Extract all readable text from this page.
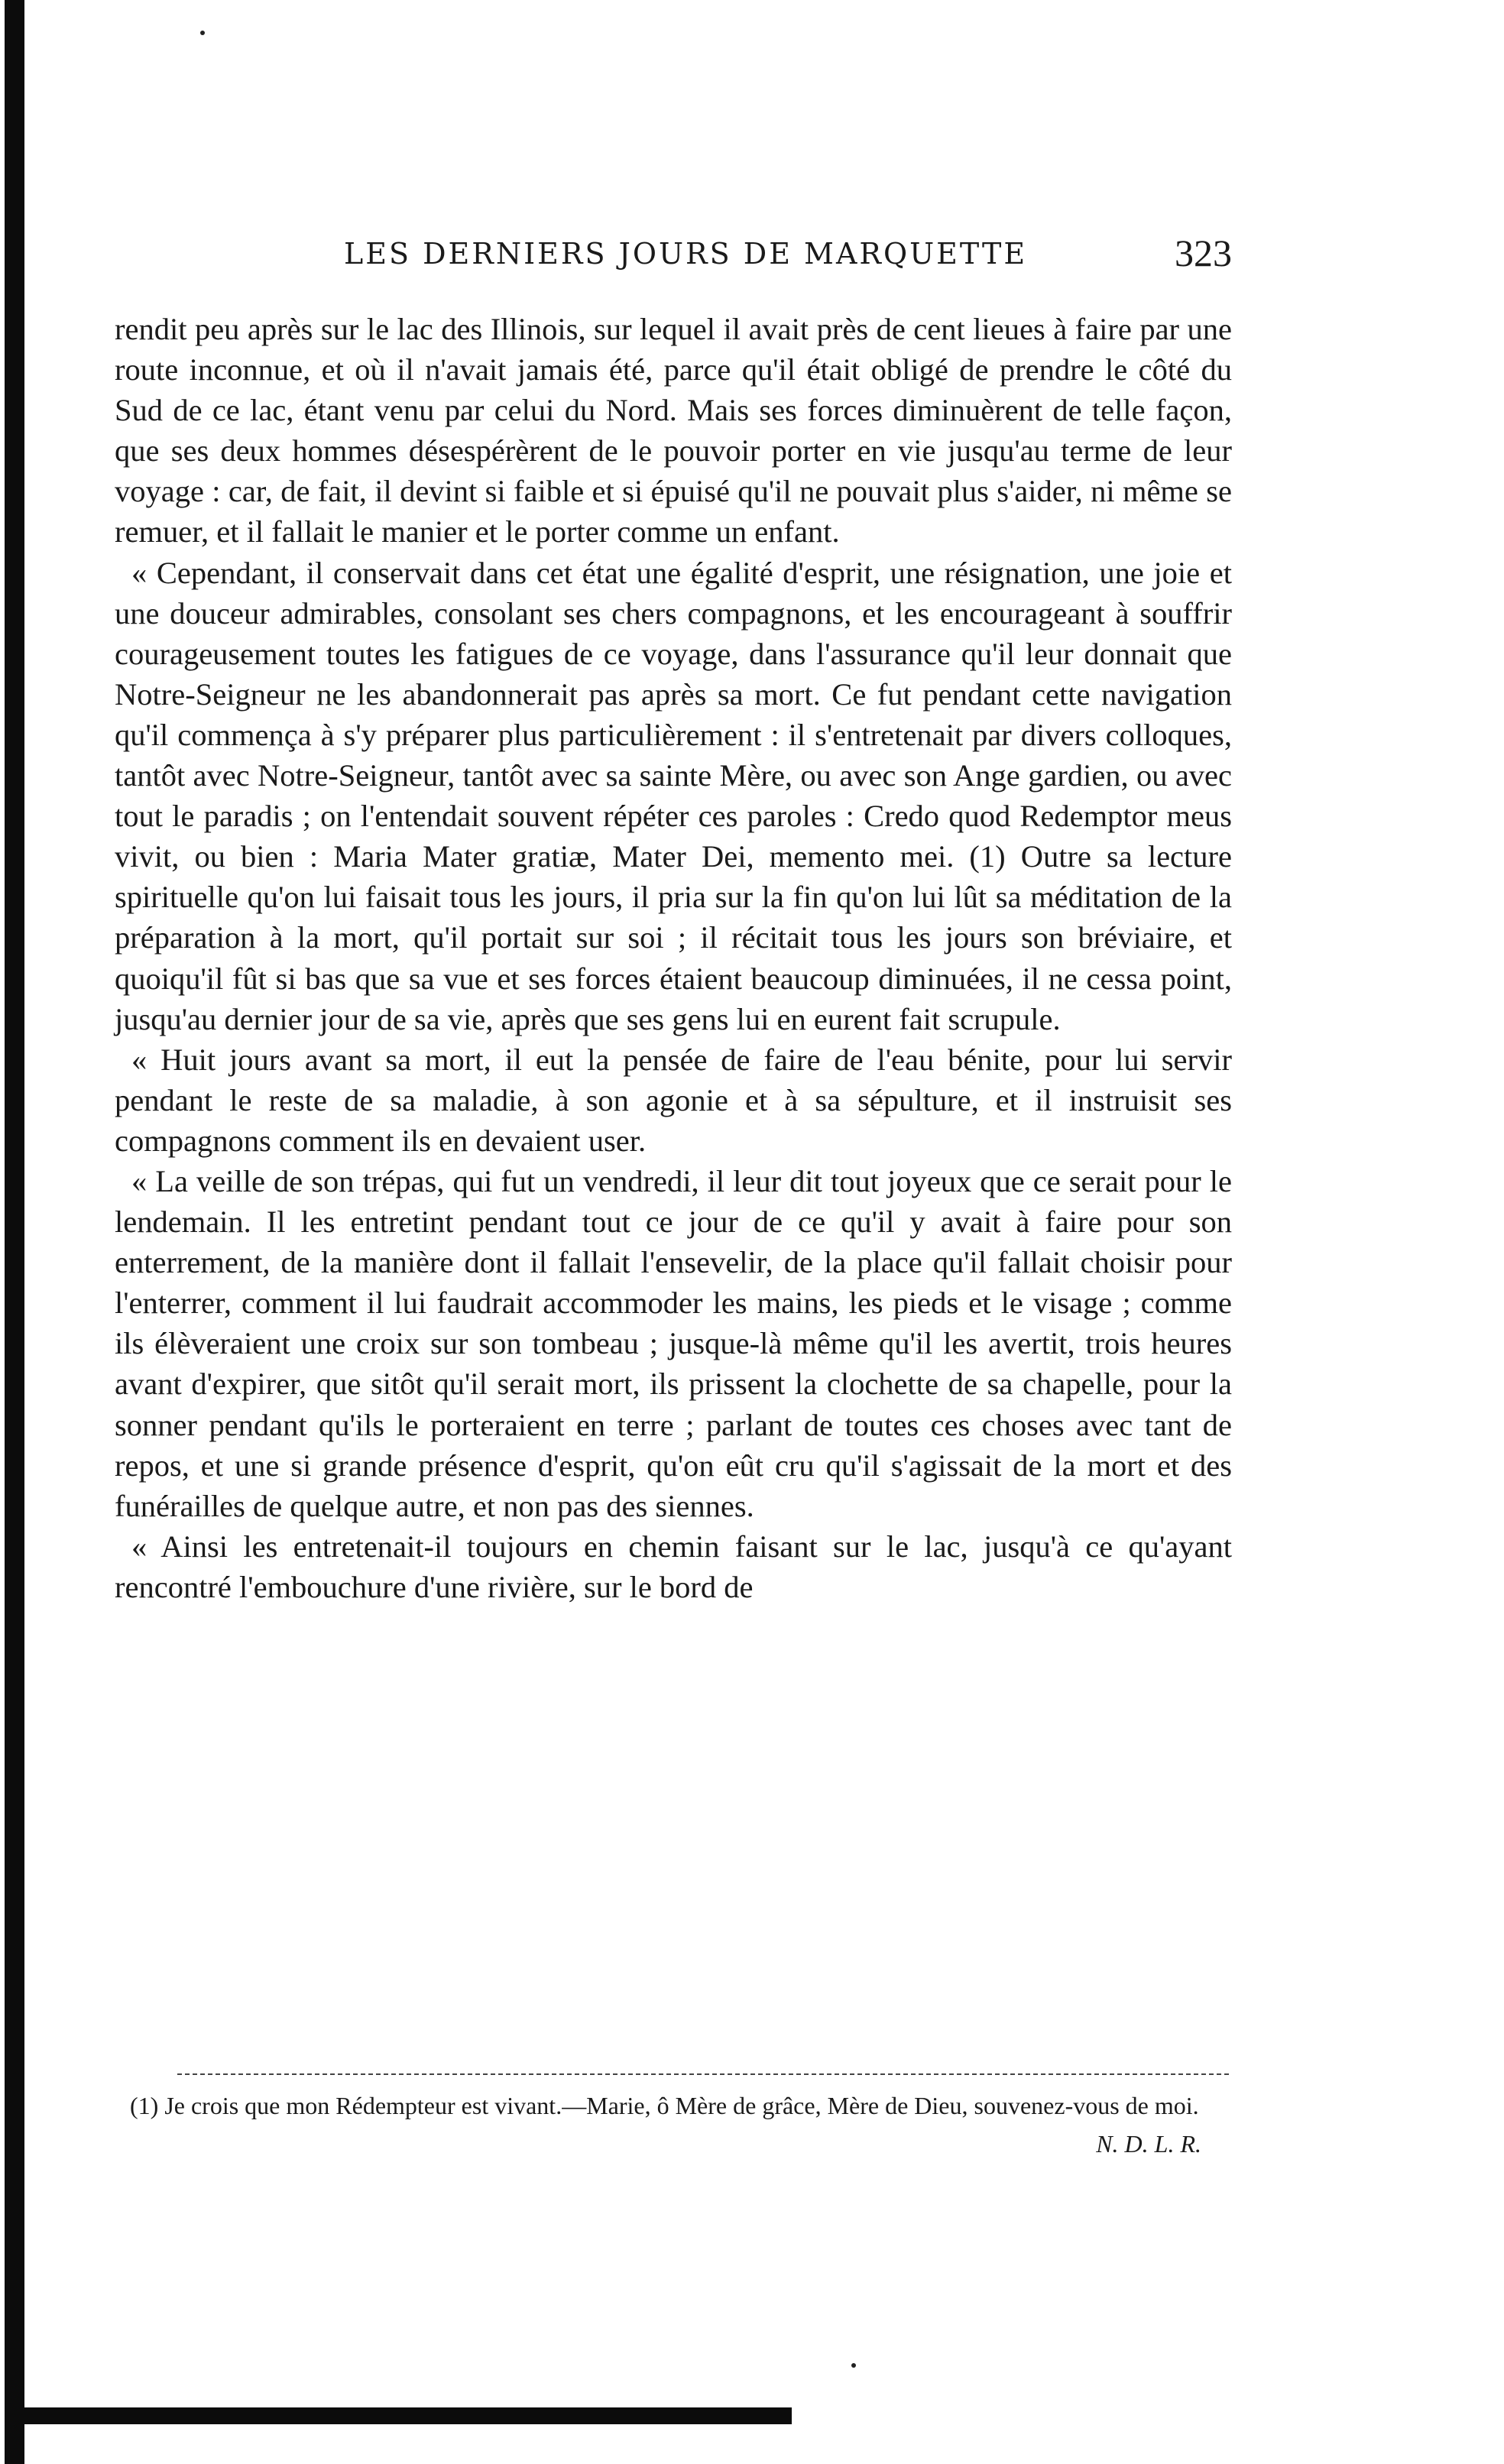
LES DERNIERS JOURS DE MARQUETTE	323

rendit peu après sur le lac des Illinois, sur lequel il avait près de cent lieues à faire par une route inconnue, et où il n'avait jamais été, parce qu'il était obligé de prendre le côté du Sud de ce lac, étant venu par celui du Nord. Mais ses forces diminuèrent de telle façon, que ses deux hommes désespérèrent de le pouvoir porter en vie jusqu'au terme de leur voyage : car, de fait, il devint si faible et si épuisé qu'il ne pouvait plus s'aider, ni même se remuer, et il fallait le manier et le porter comme un enfant.

« Cependant, il conservait dans cet état une égalité d'esprit, une résignation, une joie et une douceur admirables, consolant ses chers compagnons, et les encourageant à souffrir courageusement toutes les fatigues de ce voyage, dans l'assurance qu'il leur donnait que Notre-Seigneur ne les abandonnerait pas après sa mort. Ce fut pendant cette navigation qu'il commença à s'y préparer plus particulièrement : il s'entretenait par divers colloques, tantôt avec Notre-Seigneur, tantôt avec sa sainte Mère, ou avec son Ange gardien, ou avec tout le paradis ; on l'entendait souvent répéter ces paroles : Credo quod Redemptor meus vivit, ou bien : Maria Mater gratiæ, Mater Dei, memento mei. (1) Outre sa lecture spirituelle qu'on lui faisait tous les jours, il pria sur la fin qu'on lui lût sa méditation de la préparation à la mort, qu'il portait sur soi ; il récitait tous les jours son bréviaire, et quoiqu'il fût si bas que sa vue et ses forces étaient beaucoup diminuées, il ne cessa point, jusqu'au dernier jour de sa vie, après que ses gens lui en eurent fait scrupule.

« Huit jours avant sa mort, il eut la pensée de faire de l'eau bénite, pour lui servir pendant le reste de sa maladie, à son agonie et à sa sépulture, et il instruisit ses compagnons comment ils en devaient user.

« La veille de son trépas, qui fut un vendredi, il leur dit tout joyeux que ce serait pour le lendemain. Il les entretint pendant tout ce jour de ce qu'il y avait à faire pour son enterrement, de la manière dont il fallait l'ensevelir, de la place qu'il fallait choisir pour l'enterrer, comment il lui faudrait accommoder les mains, les pieds et le visage ; comme ils élèveraient une croix sur son tombeau ; jusque-là même qu'il les avertit, trois heures avant d'expirer, que sitôt qu'il serait mort, ils prissent la clochette de sa chapelle, pour la sonner pendant qu'ils le porteraient en terre ; parlant de toutes ces choses avec tant de repos, et une si grande présence d'esprit, qu'on eût cru qu'il s'agissait de la mort et des funérailles de quelque autre, et non pas des siennes.

« Ainsi les entretenait-il toujours en chemin faisant sur le lac, jusqu'à ce qu'ayant rencontré l'embouchure d'une rivière, sur le bord de

(1) Je crois que mon Rédempteur est vivant.—Marie, ô Mère de grâce, Mère de Dieu, souvenez-vous de moi.

N. D. L. R.
